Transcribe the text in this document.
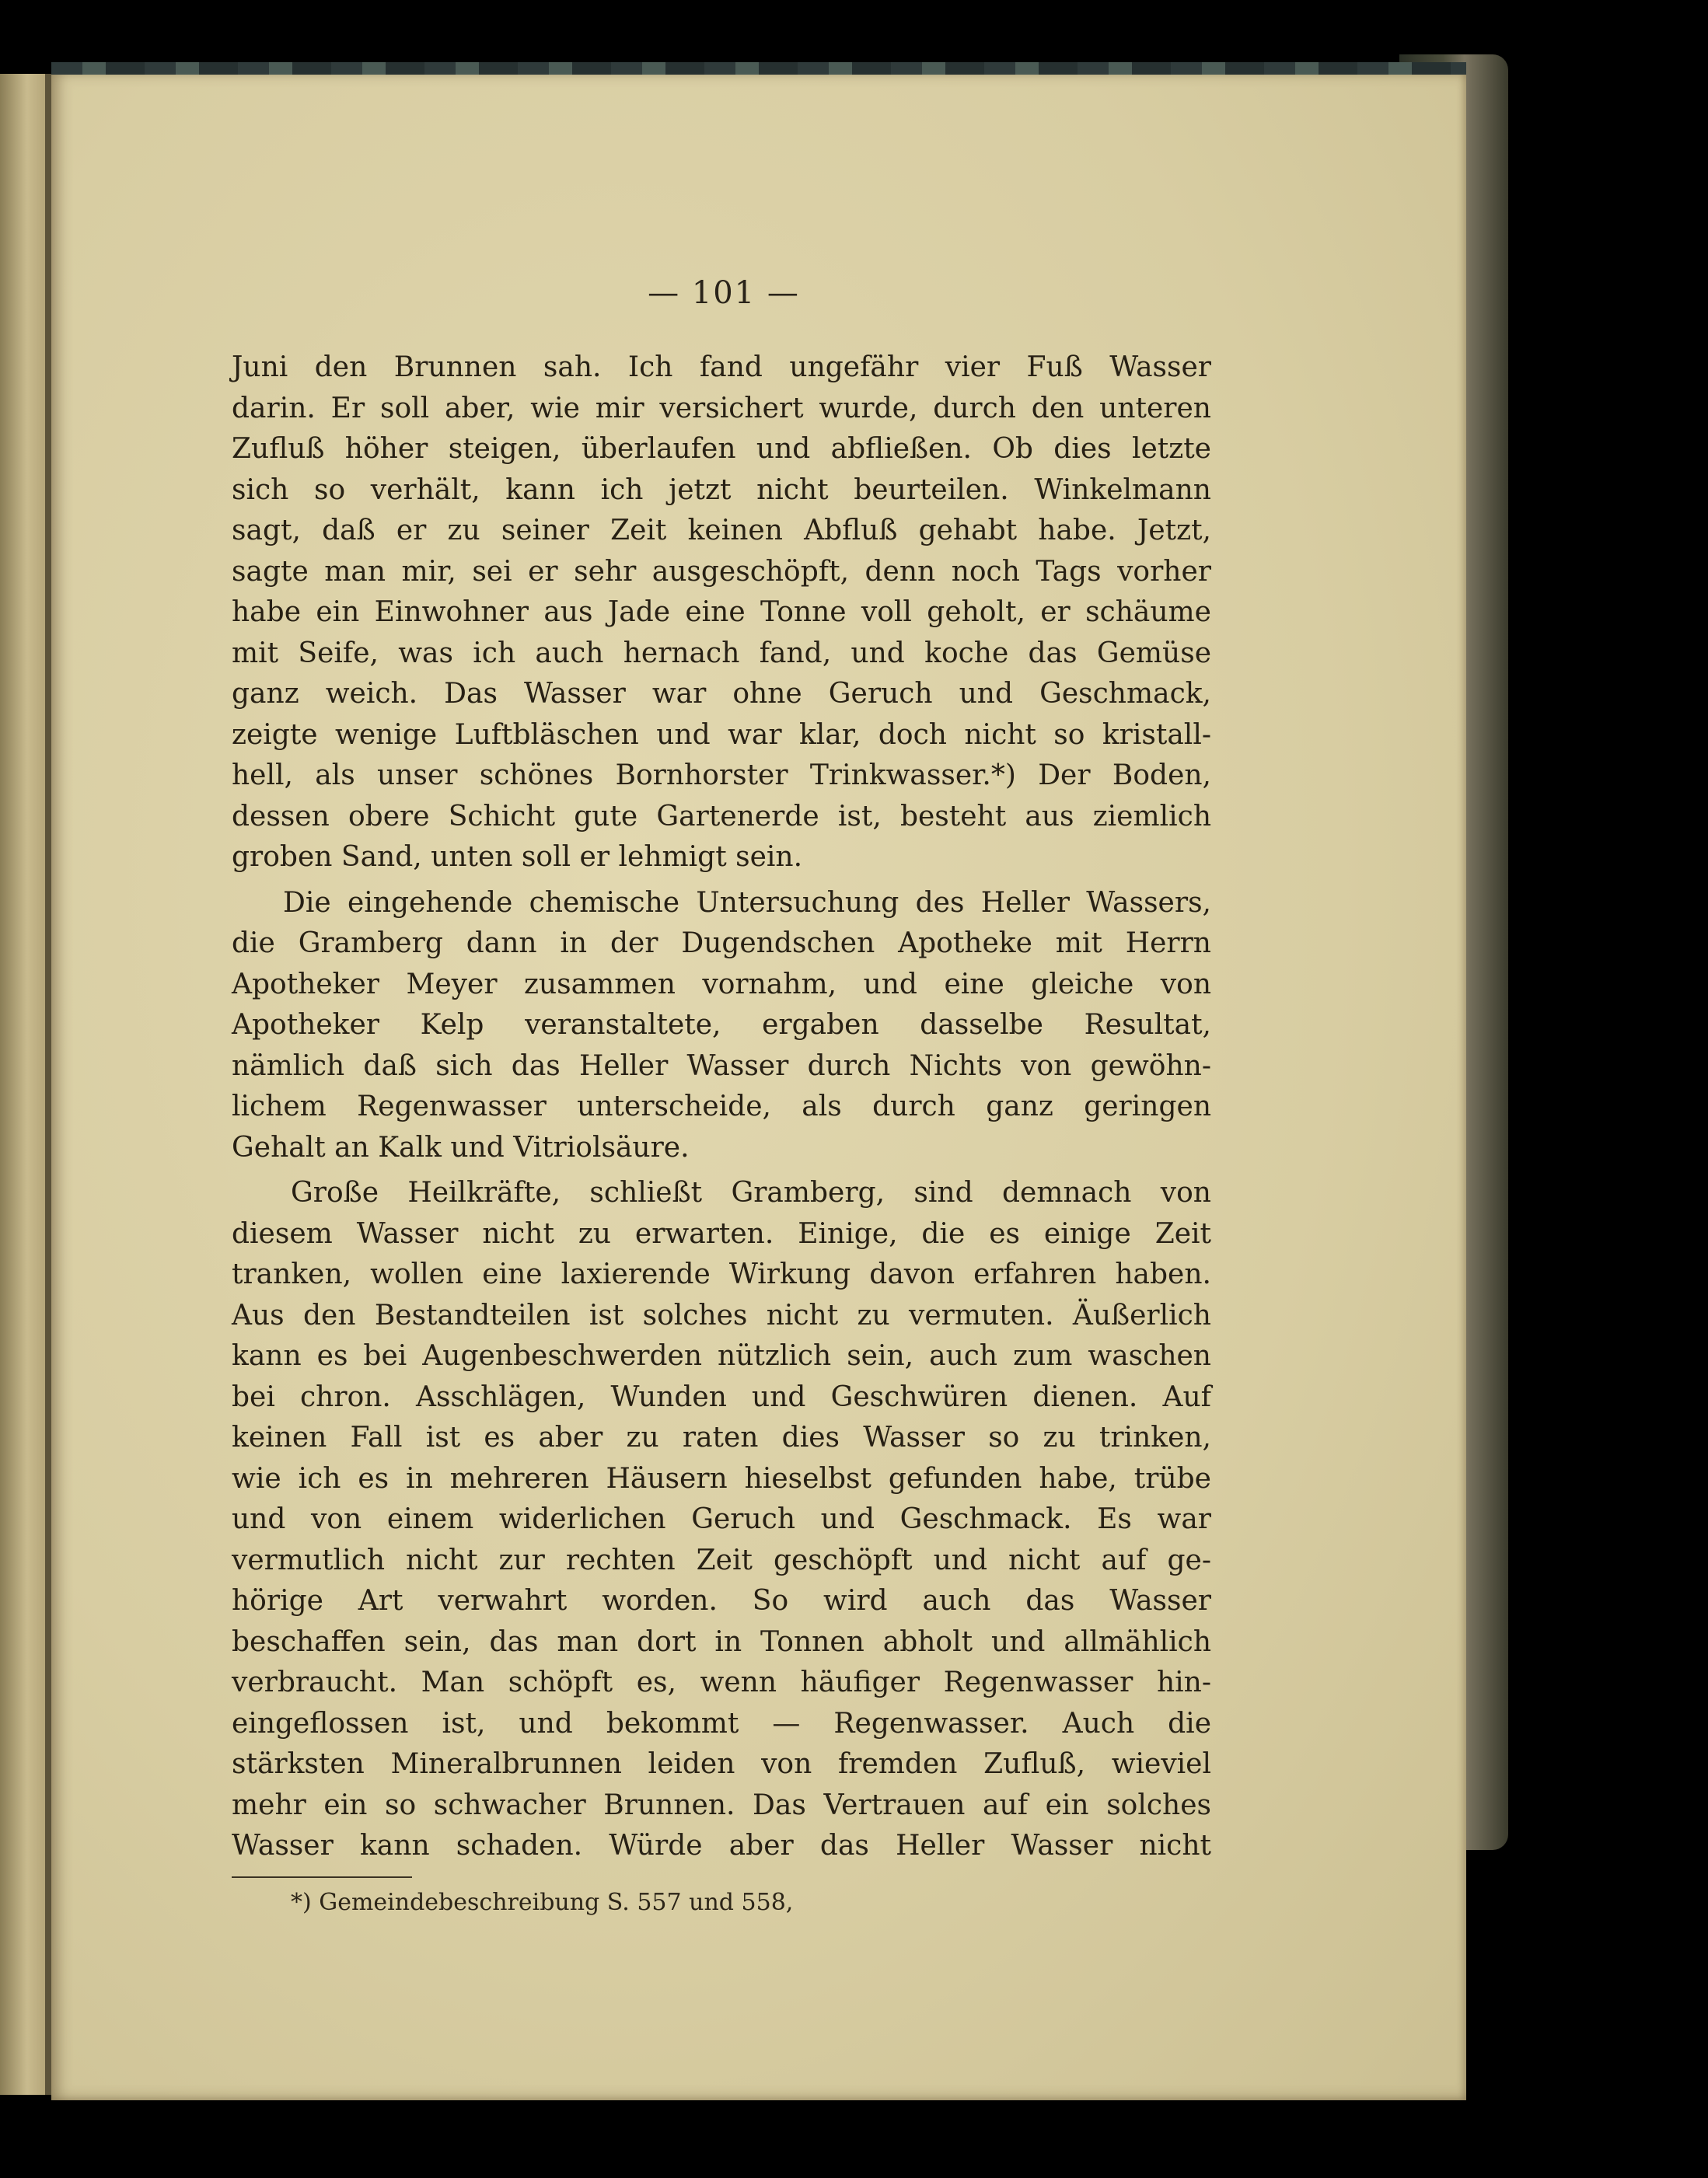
— 101 —
Juni den Brunnen sah. Ich fand ungefähr vier Fuß Wasser
darin. Er soll aber, wie mir versichert wurde, durch den unteren
Zufluß höher steigen, überlaufen und abfließen. Ob dies letzte
sich so verhält, kann ich jetzt nicht beurteilen. Winkelmann
sagt, daß er zu seiner Zeit keinen Abfluß gehabt habe. Jetzt,
sagte man mir, sei er sehr ausgeschöpft, denn noch Tags vorher
habe ein Einwohner aus Jade eine Tonne voll geholt, er schäume
mit Seife, was ich auch hernach fand, und koche das Gemüse
ganz weich. Das Wasser war ohne Geruch und Geschmack,
zeigte wenige Luftbläschen und war klar, doch nicht so kristall-
hell, als unser schönes Bornhorster Trinkwasser.*) Der Boden,
dessen obere Schicht gute Gartenerde ist, besteht aus ziemlich
groben Sand, unten soll er lehmigt sein.
Die eingehende chemische Untersuchung des Heller Wassers,
die Gramberg dann in der Dugendschen Apotheke mit Herrn
Apotheker Meyer zusammen vornahm, und eine gleiche von
Apotheker Kelp veranstaltete, ergaben dasselbe Resultat,
nämlich daß sich das Heller Wasser durch Nichts von gewöhn-
lichem Regenwasser unterscheide, als durch ganz geringen
Gehalt an Kalk und Vitriolsäure.
Große Heilkräfte, schließt Gramberg, sind demnach von
diesem Wasser nicht zu erwarten. Einige, die es einige Zeit
tranken, wollen eine laxierende Wirkung davon erfahren haben.
Aus den Bestandteilen ist solches nicht zu vermuten. Äußerlich
kann es bei Augenbeschwerden nützlich sein, auch zum waschen
bei chron. Asschlägen, Wunden und Geschwüren dienen. Auf
keinen Fall ist es aber zu raten dies Wasser so zu trinken,
wie ich es in mehreren Häusern hieselbst gefunden habe, trübe
und von einem widerlichen Geruch und Geschmack. Es war
vermutlich nicht zur rechten Zeit geschöpft und nicht auf ge-
hörige Art verwahrt worden. So wird auch das Wasser
beschaffen sein, das man dort in Tonnen abholt und allmählich
verbraucht. Man schöpft es, wenn häufiger Regenwasser hin-
eingeflossen ist, und bekommt — Regenwasser. Auch die
stärksten Mineralbrunnen leiden von fremden Zufluß, wieviel
mehr ein so schwacher Brunnen. Das Vertrauen auf ein solches
Wasser kann schaden. Würde aber das Heller Wasser nicht
*) Gemeindebeschreibung S. 557 und 558,
